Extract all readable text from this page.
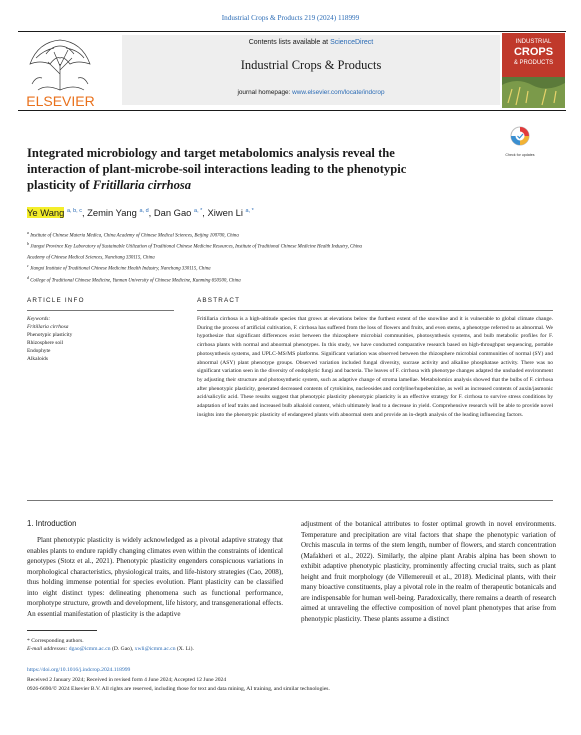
Industrial Crops & Products 219 (2024) 118999
ELSEVIER
Contents lists available at ScienceDirect
Industrial Crops & Products
journal homepage: www.elsevier.com/locate/indcrop
INDUSTRIAL
CROPS
& PRODUCTS
Check for updates
Integrated microbiology and target metabolomics analysis reveal the
interaction of plant-microbe-soil interactions leading to the phenotypic
plasticity of Fritillaria cirrhosa
Ye Wang $^{a, b, c}$, Zemin Yang $^{a, d}$, Dan Gao $^{a, *}$, Xiwen Li $^{a, *}$
$^a$ Institute of Chinese Materia Medica, China Academy of Chinese Medical Sciences, Beijing 100700, China
$^b$ Jiangxi Province Key Laboratory of Sustainable Utilization of Traditional Chinese Medicine Resources, Institute of Traditional Chinese Medicine Health Industry, China
Academy of Chinese Medical Sciences, Nanchang 330115, China
$^c$ Jiangxi Institute of Traditional Chinese Medicine Health Industry, Nanchang 330115, China
$^d$ College of Traditional Chinese Medicine, Yunnan University of Chinese Medicine, Kunming 650500, China
ARTICLE INFO
Keywords:
Fritillaria cirrhosa
Phenotypic plasticity
Rhizosphere soil
Endophyte
Alkaloids
ABSTRACT

Fritillaria cirrhosa is a high-altitude species that grows at elevations below the furthest extent of the snowline and it is vulnerable to global climate change. During the process of artificial cultivation, F. cirrhosa has suffered from the loss of flowers and fruits, and even stems, a phenotype referred to as abnormal. We hypothesize that significant differences exist between the rhizosphere microbial communities, photosynthesis systems, and bulb metabolic profiles for F. cirrhosa plants with normal and abnormal phenotypes. In this study, we have conducted comparative research based on high-throughput sequencing, portable photosynthesis systems, and UPLC-MS/MS platforms. Significant variation was observed between the rhizosphere microbial communities of normal (SY) and abnormal (ASY) plant phenotype groups. Observed variation included fungal diversity, sucrase activity and alkaline phosphatase activity. There was no significant variation seen in the diversity of endophytic fungi and bacteria. The leaves of F. cirrhosa with phenotype changes adapted the unshaded environment by adjusting their structure and photosynthetic system, such as adaptive change of stroma lamellae. Metabolomics analysis showed that the bulbs of F. cirrhosa after phenotypic plasticity, generated decreased contents of cytokinins, nucleosides and cordyline/hupebenizine, as well as increased contents of auxin/jasmonic acid/salicylic acid. These results suggest that phenotypic plasticity phenotypic plasticity is an effective strategy for F. cirrhosa to survive stress conditions by adaptation of leaf traits and increased bulb alkaloid content, which ultimately lead to a decrease in yield. Comprehensive research will be able to provide novel insights into the phenotypic plasticity of endangered plants with abnormal stem and provide an in-depth analysis of the leading influencing factors.

1. Introduction

Plant phenotypic plasticity is widely acknowledged as a pivotal adaptive strategy that enables plants to endure rapidly changing climates even within the constraints of identical genotypes (Stotz et al., 2021). Phenotypic plasticity engenders conspicuous variations in morphological characteristics, physiological traits, and life-history strategies (Cao, 2008), thus holding immense potential for species evolution. Plant plasticity can be classified into eight distinct types: delineating phenomena such as functional performance, morphotype structure, growth and development, life history, and transgenerational effects. An essential manifestation of plasticity is the adaptive

adjustment of the botanical attributes to foster optimal growth in novel environments. Temperature and precipitation are vital factors that shape the phenotypic variation of Orchis mascula in terms of the stem length, number of flowers, and starch concentration (Mafakheri et al., 2022). Similarly, the alpine plant Arabis alpina has been shown to exhibit adaptive phenotypic plasticity, prominently affecting crucial traits, such as plant height and fruit morphology (de Villemereuil et al., 2018). Medicinal plants, with their many bioactive constituents, play a pivotal role in the realm of therapeutic botanicals and are indispensable for human well-being. Paradoxically, there remains a dearth of research aimed at unraveling the effective composition of novel plant phenotypes that arise from phenotypic plasticity. These plants assume a distinct

* Corresponding authors.
E-mail addresses: dgao@icmm.ac.cn (D. Gao), xwli@icmm.ac.cn (X. Li).
https://doi.org/10.1016/j.indcrop.2024.118999
Received 2 January 2024; Received in revised form 4 June 2024; Accepted 12 June 2024
0926-6690/© 2024 Elsevier B.V. All rights are reserved, including those for text and data mining, AI training, and similar technologies.
